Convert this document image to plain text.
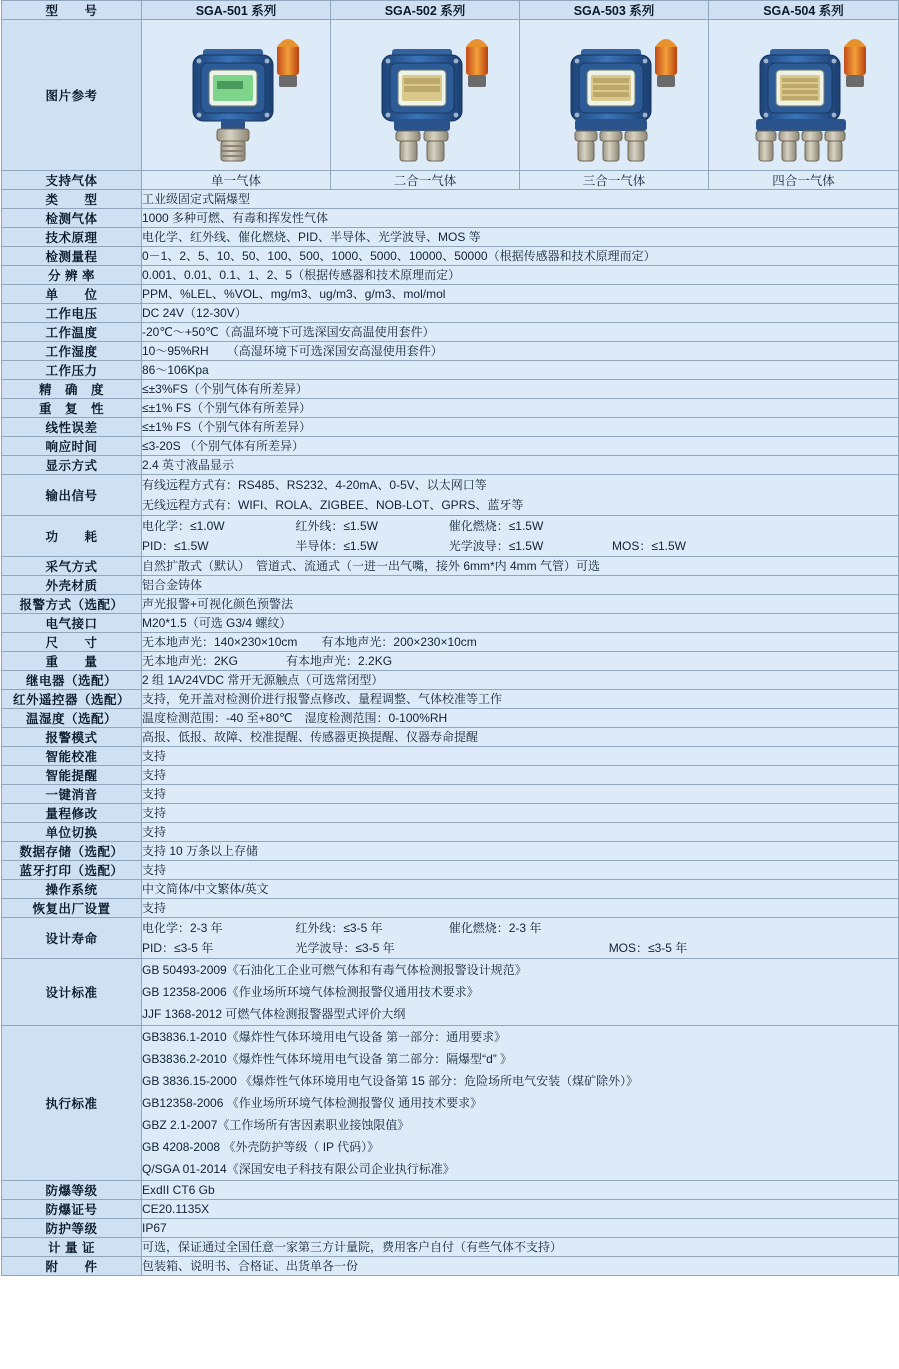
型　　号	SGA-501 系列	SGA-502 系列	SGA-503 系列	SGA-504 系列
图片参考	

支持气体	单一气体	二合一气体	三合一气体	四合一气体
类　　型	工业级固定式隔爆型			
检测气体	1000 多种可燃、有毒和挥发性气体			
技术原理	电化学、红外线、催化燃烧、PID、半导体、光学波导、MOS 等			
检测量程	0－1、2、5、10、50、100、500、1000、5000、10000、50000（根据传感器和技术原理而定）			
分 辨 率	0.001、0.01、0.1、1、2、5（根据传感器和技术原理而定）			
单　　位	PPM、%LEL、%VOL、mg/m3、ug/m3、g/m3、mol/mol			
工作电压	DC 24V（12-30V）			
工作温度	-20℃～+50℃（高温环境下可选深国安高温使用套件）			
工作湿度	10～95%RH　　（高湿环境下可选深国安高湿使用套件）			
工作压力	86～106Kpa			
精　确　度	≤±3%FS（个别气体有所差异）			
重　复　性	≤±1% FS（个别气体有所差异）			
线性误差	≤±1% FS（个别气体有所差异）			
响应时间	≤3-20S （个别气体有所差异）			
显示方式	2.4 英寸液晶显示			
输出信号	有线远程方式有：RS485、RS232、4-20mA、0-5V、以太网口等
无线远程方式有：WIFI、ROLA、ZIGBEE、NOB-LOT、GPRS、蓝牙等			

功　　耗	电化学：≤1.0W 红外线：≤1.5W 催化燃烧：≤1.5W
PID：≤1.5W 半导体：≤1.5W 光学波导：≤1.5W MOS：≤1.5W			

采气方式	自然扩散式（默认）　管道式、流通式（一进一出气嘴，接外 6mm*内 4mm 气管）可选			
外壳材质	铝合金铸体			
报警方式（选配）	声光报警+可视化颜色预警法			
电气接口	M20*1.5（可选 G3/4 螺纹）			
尺　　寸	无本地声光：140×230×10cm　　有本地声光：200×230×10cm			
重　　量	无本地声光：2KG　　　　有本地声光：2.2KG			
继电器（选配）	2 组 1A/24VDC 常开无源触点（可选常闭型）			
红外遥控器（选配）	支持，免开盖对检测价进行报警点修改、量程调整、气体校准等工作			
温湿度（选配）	温度检测范围：-40 至+80℃　湿度检测范围：0-100%RH			
报警模式	高报、低报、故障、校准提醒、传感器更换提醒、仪器寿命提醒			
智能校准	支持			
智能提醒	支持			
一键消音	支持			
量程修改	支持			
单位切换	支持			
数据存储（选配）	支持 10 万条以上存储			
蓝牙打印（选配）	支持			
操作系统	中文简体/中文繁体/英文			
恢复出厂设置	支持			
设计寿命	电化学：2-3 年 红外线：≤3-5 年 催化燃烧：2-3 年
PID：≤3-5 年 光学波导：≤3-5 年 MOS：≤3-5 年			

设计标准	GB 50493-2009《石油化工企业可燃气体和有毒气体检测报警设计规范》
GB 12358-2006《作业场所环境气体检测报警仪通用技术要求》
JJF 1368-2012 可燃气体检测报警器型式评价大纲			

执行标准	
GB3836.1-2010《爆炸性气体环境用电气设备 第一部分：通用要求》
GB3836.2-2010《爆炸性气体环境用电气设备 第二部分：隔爆型“d” 》
GB 3836.15-2000 《爆炸性气体环境用电气设备第 15 部分：危险场所电气安装（煤矿除外）》
GB12358-2006 《作业场所环境气体检测报警仪 通用技术要求》
GBZ 2.1-2007《工作场所有害因素职业接蚀限值》
GB 4208-2008 《外壳防护等级（ IP 代码）》
Q/SGA 01-2014《深国安电子科技有限公司企业执行标准》

防爆等级	ExdII CT6 Gb			
防爆证号	CE20.1135X			
防护等级	IP67			
计 量 证	可选，保证通过全国任意一家第三方计量院，费用客户自付（有些气体不支持）			
附　　件	包装箱、说明书、合格证、出货单各一份			
